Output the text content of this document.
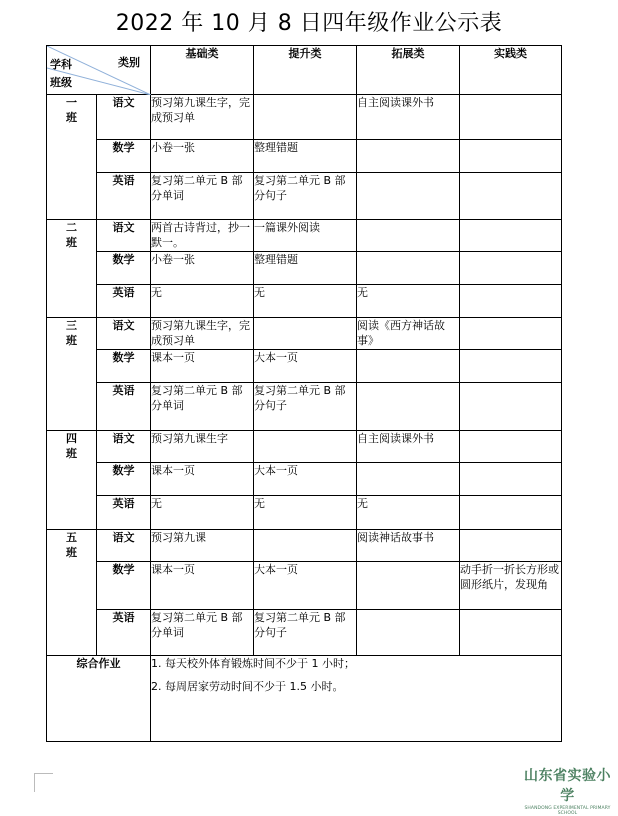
2022 年 10 月 8 日四年级作业公示表
类别
学科
班级		基础类	提升类	拓展类	实践类
一
班	语文	预习第九课生字，完成预习单		自主阅读课外书	
	数学	小卷一张	整理错题		
	英语	复习第二单元 B 部分单词	复习第二单元 B 部分句子		
二
班	语文	两首古诗背过，抄一默一。	一篇课外阅读		
	数学	小卷一张	整理错题		
	英语	无	无	无	
三
班	语文	预习第九课生字，完成预习单		阅读《西方神话故事》	
	数学	课本一页	大本一页		
	英语	复习第二单元 B 部分单词	复习第二单元 B 部分句子		
四
班	语文	预习第九课生字		自主阅读课外书	
	数学	课本一页	大本一页		
	英语	无	无	无	
五
班	语文	预习第九课		阅读神话故事书	
	数学	课本一页	大本一页		动手折一折长方形或圆形纸片，发现角
	英语	复习第二单元 B 部分单词	复习第二单元 B 部分句子		
综合作业		1. 每天校外体育锻炼时间不少于 1 小时；
2. 每周居家劳动时间不少于 1.5 小时。			
山东省实验小学
SHANDONG EXPERIMENTAL PRIMARY SCHOOL
